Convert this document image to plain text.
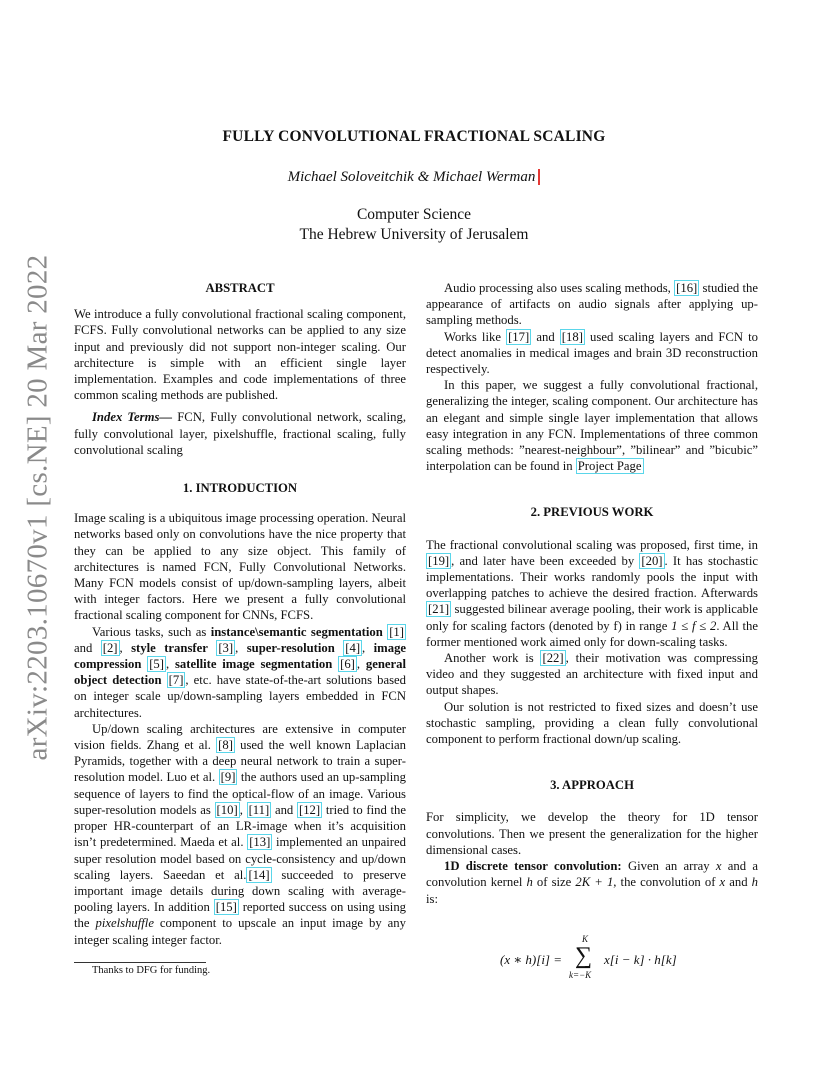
arXiv:2203.10670v1 [cs.NE] 20 Mar 2022
FULLY CONVOLUTIONAL FRACTIONAL SCALING
Michael Soloveitchik & Michael Werman
Computer Science
The Hebrew University of Jerusalem

ABSTRACT

We introduce a fully convolutional fractional scaling component, FCFS. Fully convolutional networks can be applied to any size input and previously did not support non-integer scaling. Our architecture is simple with an efficient single layer implementation. Examples and code implementations of three common scaling methods are published.

Index Terms— FCN, Fully convolutional network, scaling, fully convolutional layer, pixelshuffle, fractional scaling, fully convolutional scaling

1. INTRODUCTION

Image scaling is a ubiquitous image processing operation. Neural networks based only on convolutions have the nice property that they can be applied to any size object. This family of architectures is named FCN, Fully Convolutional Networks. Many FCN models consist of up/down-sampling layers, albeit with integer factors. Here we present a fully convolutional fractional scaling component for CNNs, FCFS.

Various tasks, such as instance\semantic segmentation [1] and [2] , style transfer [3] , super-resolution [4] , image compression [5] , satellite image segmentation [6] , general object detection [7] , etc. have state-of-the-art solutions based on integer scale up/down-sampling layers embedded in FCN architectures.

Up/down scaling architectures are extensive in computer vision fields. Zhang et al. [8] used the well known Laplacian Pyramids, together with a deep neural network to train a super-resolution model. Luo et al. [9] the authors used an up-sampling sequence of layers to find the optical-flow of an image. Various super-resolution models as [10] , [11] and [12] tried to find the proper HR-counterpart of an LR-image when it’s acquisition isn’t predetermined. Maeda et al. [13] implemented an unpaired super resolution model based on cycle-consistency and up/down scaling layers. Saeedan et al. [14] succeeded to preserve important image details during down scaling with average-pooling layers. In addition [15] reported success on using using the pixelshuffle component to upscale an input image by any integer scaling integer factor.

Thanks to DFG for funding.

Audio processing also uses scaling methods, [16] studied the appearance of artifacts on audio signals after applying up-sampling methods.

Works like [17] and [18] used scaling layers and FCN to detect anomalies in medical images and brain 3D reconstruction respectively.

In this paper, we suggest a fully convolutional fractional, generalizing the integer, scaling component. Our architecture has an elegant and simple single layer implementation that allows easy integration in any FCN. Implementations of three common scaling methods: ”nearest-neighbour”, ”bilinear” and ”bicubic” interpolation can be found in Project Page

2. PREVIOUS WORK

The fractional convolutional scaling was proposed, first time, in [19] , and later have been exceeded by [20] . It has stochastic implementations. Their works randomly pools the input with overlapping patches to achieve the desired fraction. Afterwards [21] suggested bilinear average pooling, their work is applicable only for scaling factors (denoted by f) in range 1 ≤ f ≤ 2. All the former mentioned work aimed only for down-scaling tasks.

Another work is [22] , their motivation was compressing video and they suggested an architecture with fixed input and output shapes.

Our solution is not restricted to fixed sizes and doesn’t use stochastic sampling, providing a clean fully convolutional component to perform fractional down/up scaling.

3. APPROACH

For simplicity, we develop the theory for 1D tensor convolutions. Then we present the generalization for the higher dimensional cases.

1D discrete tensor convolution: Given an array x and a convolution kernel h of size 2K + 1, the convolution of x and h is:

(x ∗ h)[i] =
K
∑
k=−K
x[i − k] · h[k]
